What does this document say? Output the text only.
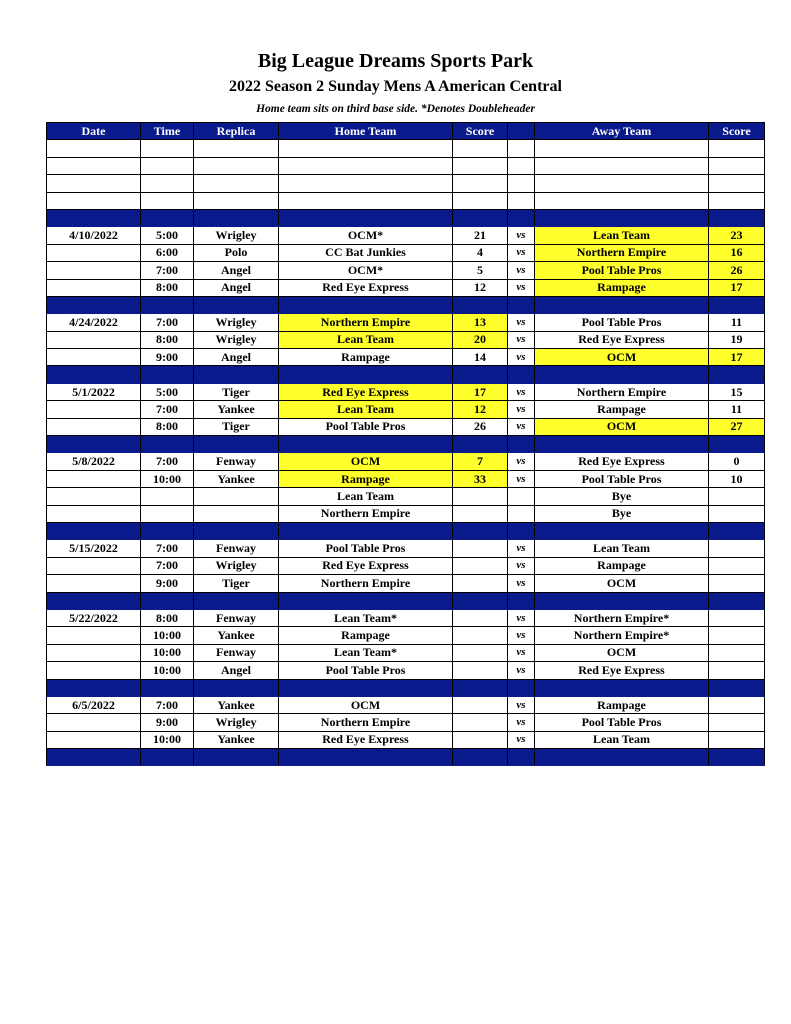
Big League Dreams Sports Park
2022 Season 2 Sunday Mens A American Central
Home team sits on third base side. *Denotes Doubleheader
Date	Time	Replica	Home Team	Score		Away Team	Score

4/10/2022	5:00	Wrigley	OCM*	21	vs	Lean Team	23
	6:00	Polo	CC Bat Junkies	4	vs	Northern Empire	16
	7:00	Angel	OCM*	5	vs	Pool Table Pros	26
	8:00	Angel	Red Eye Express	12	vs	Rampage	17

4/24/2022	7:00	Wrigley	Northern Empire	13	vs	Pool Table Pros	11
	8:00	Wrigley	Lean Team	20	vs	Red Eye Express	19
	9:00	Angel	Rampage	14	vs	OCM	17

5/1/2022	5:00	Tiger	Red Eye Express	17	vs	Northern Empire	15
	7:00	Yankee	Lean Team	12	vs	Rampage	11
	8:00	Tiger	Pool Table Pros	26	vs	OCM	27

5/8/2022	7:00	Fenway	OCM	7	vs	Red Eye Express	0
	10:00	Yankee	Rampage	33	vs	Pool Table Pros	10
			Lean Team			Bye	
			Northern Empire			Bye	

5/15/2022	7:00	Fenway	Pool Table Pros		vs	Lean Team	
	7:00	Wrigley	Red Eye Express		vs	Rampage	
	9:00	Tiger	Northern Empire		vs	OCM	

5/22/2022	8:00	Fenway	Lean Team*		vs	Northern Empire*	
	10:00	Yankee	Rampage		vs	Northern Empire*	
	10:00	Fenway	Lean Team*		vs	OCM	
	10:00	Angel	Pool Table Pros		vs	Red Eye Express	

6/5/2022	7:00	Yankee	OCM		vs	Rampage	
	9:00	Wrigley	Northern Empire		vs	Pool Table Pros	
	10:00	Yankee	Red Eye Express		vs	Lean Team	
